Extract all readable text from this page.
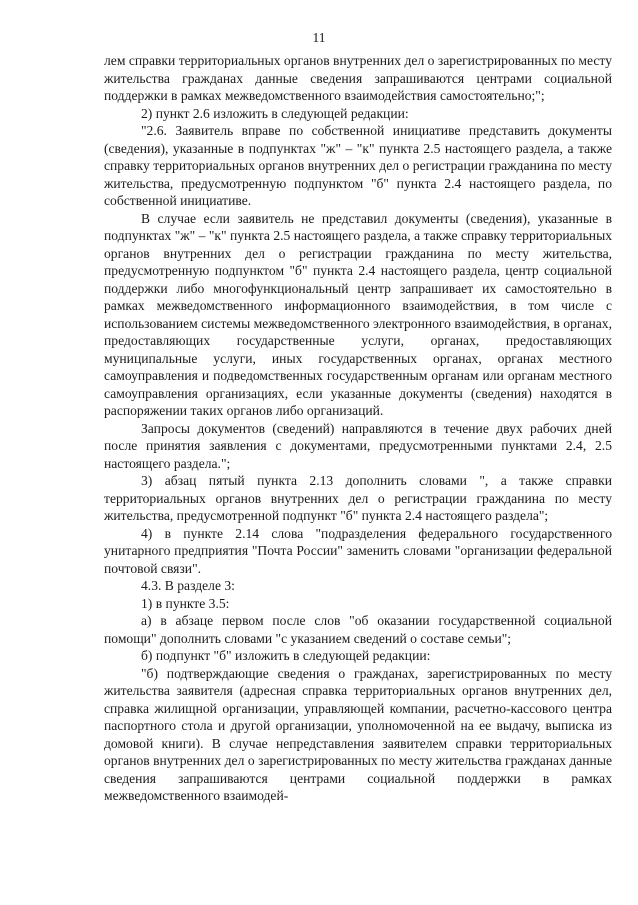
11

лем справки территориальных органов внутренних дел о зарегистрированных по месту жительства гражданах данные сведения запрашиваются центрами социальной поддержки в рамках межведомственного взаимодействия самостоятельно;";

2) пункт 2.6 изложить в следующей редакции:

"2.6. Заявитель вправе по собственной инициативе представить документы (сведения), указанные в подпунктах "ж" – "к" пункта 2.5 настоящего раздела, а также справку территориальных органов внутренних дел о регистрации гражданина по месту жительства, предусмотренную подпунктом "б" пункта 2.4 настоящего раздела, по собственной инициативе.

В случае если заявитель не представил документы (сведения), указанные в подпунктах "ж" – "к" пункта 2.5 настоящего раздела, а также справку территориальных органов внутренних дел о регистрации гражданина по месту жительства, предусмотренную подпунктом "б" пункта 2.4 настоящего раздела, центр социальной поддержки либо многофункциональный центр запрашивает их самостоятельно в рамках межведомственного информационного взаимодействия, в том числе с использованием системы межведомственного электронного взаимодействия, в органах, предоставляющих государственные услуги, органах, предоставляющих муниципальные услуги, иных государственных органах, органах местного самоуправления и подведомственных государственным органам или органам местного самоуправления организациях, если указанные документы (сведения) находятся в распоряжении таких органов либо организаций.

Запросы документов (сведений) направляются в течение двух рабочих дней после принятия заявления с документами, предусмотренными пунктами 2.4, 2.5 настоящего раздела.";

3) абзац пятый пункта 2.13 дополнить словами ", а также справки территориальных органов внутренних дел о регистрации гражданина по месту жительства, предусмотренной подпункт "б" пункта 2.4 настоящего раздела";

4) в пункте 2.14 слова "подразделения федерального государственного унитарного предприятия "Почта России" заменить словами "организации федеральной почтовой связи".

4.3. В разделе 3:

1) в пункте 3.5:

а) в абзаце первом после слов "об оказании государственной социальной помощи" дополнить словами "с указанием сведений о составе семьи";

б) подпункт "б" изложить в следующей редакции:

"б) подтверждающие сведения о гражданах, зарегистрированных по месту жительства заявителя (адресная справка территориальных органов внутренних дел, справка жилищной организации, управляющей компании, расчетно-кассового центра паспортного стола и другой организации, уполномоченной на ее выдачу, выписка из домовой книги). В случае непредставления заявителем справки территориальных органов внутренних дел о зарегистрированных по месту жительства гражданах данные сведения запрашиваются центрами социальной поддержки в рамках межведомственного взаимодей-
